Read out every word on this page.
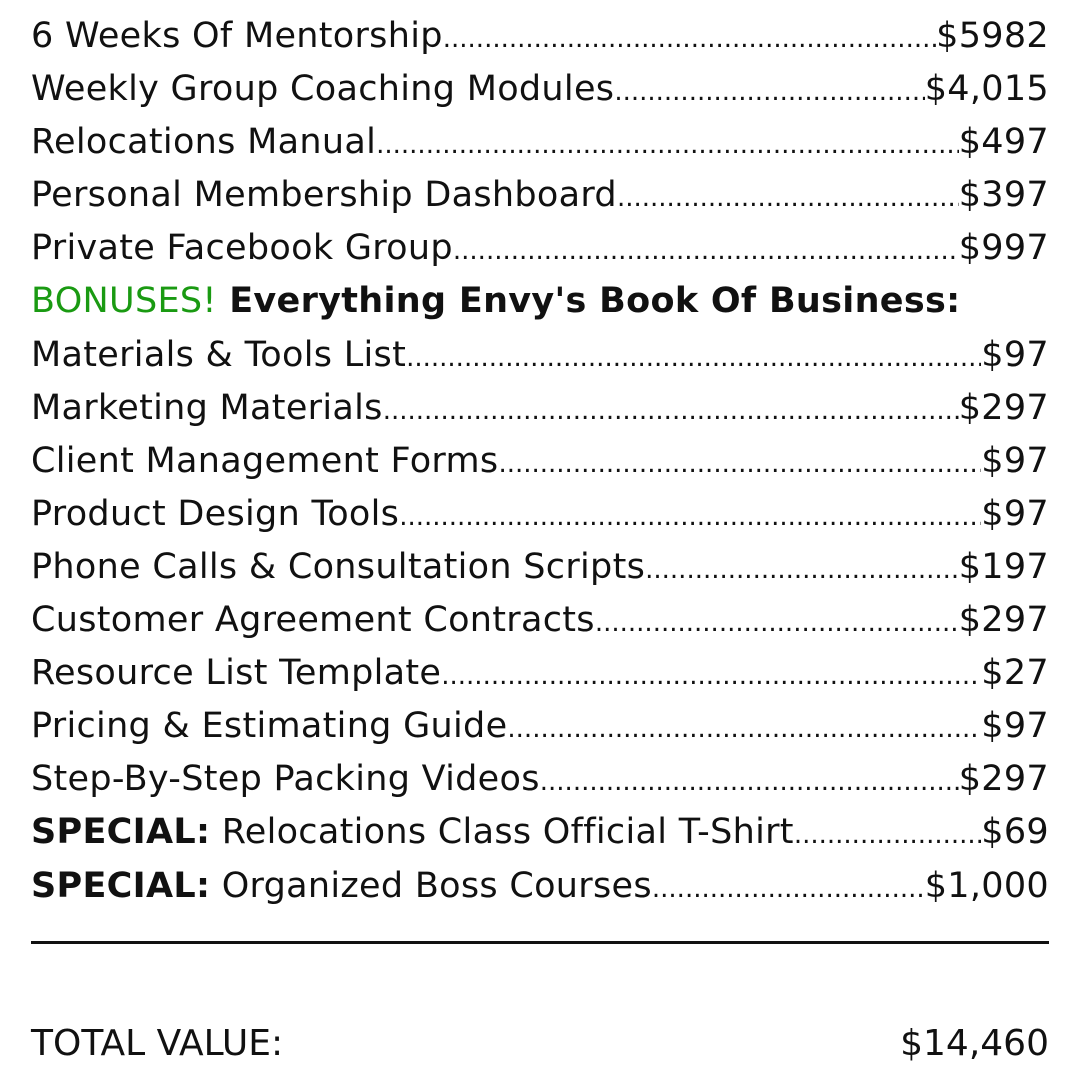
6 Weeks Of Mentorship .....	$5982
Weekly Group Coaching Modules .....	$4,015
Relocations Manual .....	$497
Personal Membership Dashboard .....	$397
Private Facebook Group .....	$997
BONUSES! Everything Envy's Book Of Business:
Materials & Tools List .....	$97
Marketing Materials .....	$297
Client Management Forms .....	$97
Product Design Tools .....	$97
Phone Calls & Consultation Scripts .....	$197
Customer Agreement Contracts .....	$297
Resource List Template .....	$27
Pricing & Estimating Guide .....	$97
Step-By-Step Packing Videos .....	$297
SPECIAL: Relocations Class Official T-Shirt .....	$69
SPECIAL: Organized Boss Courses .....	$1,000
TOTAL VALUE:	$14,460
